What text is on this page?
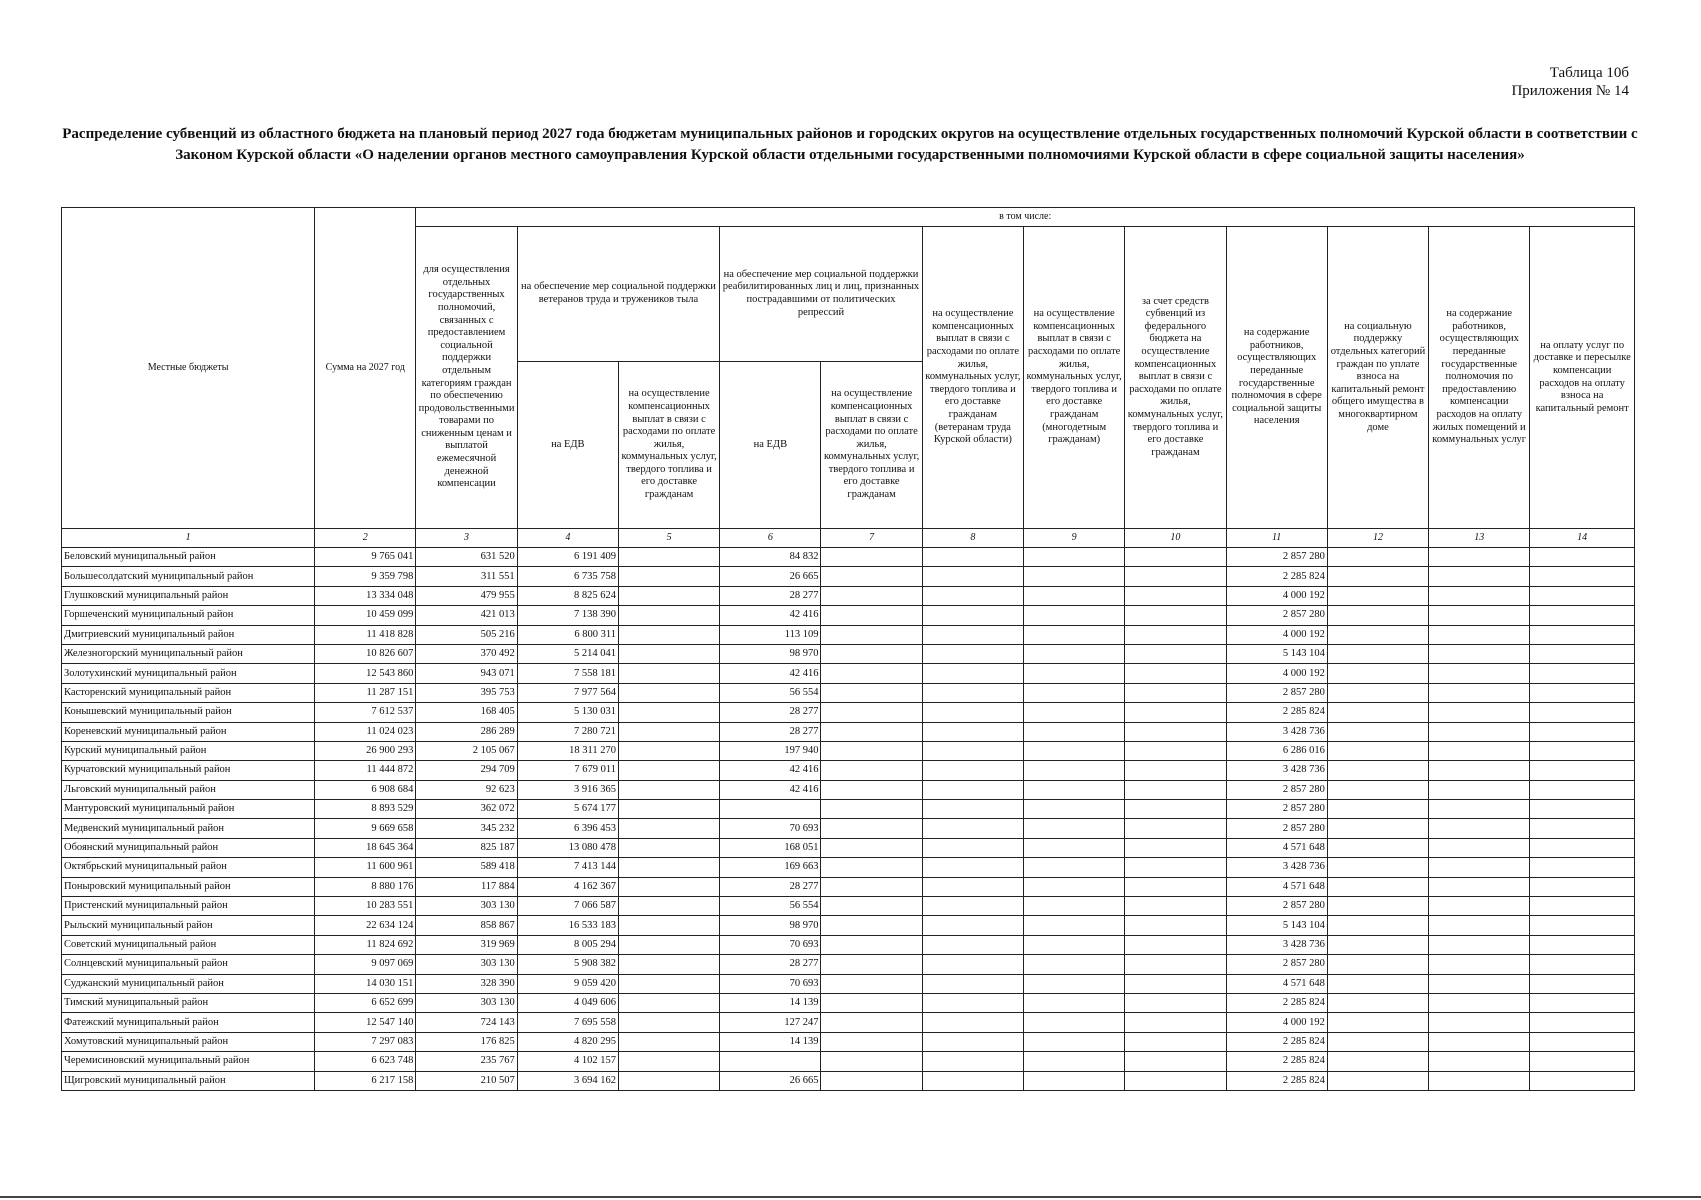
Таблица 10б
Приложения № 14
Распределение субвенций из областного бюджета на плановый период 2027 года бюджетам муниципальных районов и городских округов на осуществление отдельных государственных полномочий Курской области в соответствии с Законом Курской области «О наделении органов местного самоуправления Курской области отдельными государственными полномочиями Курской области в сфере социальной защиты населения»
Местные бюджеты	Сумма на 2027 год	в том числе:											
		для осуществления отдельных государственных полномочий, связанных с предоставлением социальной поддержки отдельным категориям граждан по обеспечению продовольственными товарами по сниженным ценам и выплатой ежемесячной денежной компенсации	на обеспечение мер социальной поддержки ветеранов труда и тружеников тыла		на обеспечение мер социальной поддержки реабилитированных лиц и лиц, признанных пострадавшими от политических репрессий		на осуществление компенсационных выплат в связи с расходами по оплате жилья, коммунальных услуг, твердого топлива и его доставке гражданам (ветеранам труда Курской области)	на осуществление компенсационных выплат в связи с расходами по оплате жилья, коммунальных услуг, твердого топлива и его доставке гражданам (многодетным гражданам)	за счет средств субвенций из федерального бюджета на осуществление компенсационных выплат в связи с расходами по оплате жилья, коммунальных услуг, твердого топлива и его доставке гражданам	на содержание работников, осуществляющих переданные государственные полномочия в сфере социальной защиты населения	на социальную поддержку отдельных категорий граждан по уплате взноса на капитальный ремонт общего имущества в многоквартирном доме	на содержание работников, осуществляющих переданные государственные полномочия по предоставлению компенсации расходов на оплату жилых помещений и коммунальных услуг	на оплату услуг по доставке и пересылке компенсации расходов на оплату взноса на капитальный ремонт
			на ЕДВ	на осуществление компенсационных выплат в связи с расходами по оплате жилья, коммунальных услуг, твердого топлива и его доставке гражданам	на ЕДВ	на осуществление компенсационных выплат в связи с расходами по оплате жилья, коммунальных услуг, твердого топлива и его доставке гражданам							
1	2	3	4	5	6	7	8	9	10	11	12	13	14
Беловский муниципальный район	9 765 041	631 520	6 191 409		84 832					2 857 280			
Большесолдатский муниципальный район	9 359 798	311 551	6 735 758		26 665					2 285 824			
Глушковский муниципальный район	13 334 048	479 955	8 825 624		28 277					4 000 192			
Горшеченский муниципальный район	10 459 099	421 013	7 138 390		42 416					2 857 280			
Дмитриевский муниципальный район	11 418 828	505 216	6 800 311		113 109					4 000 192			
Железногорский муниципальный район	10 826 607	370 492	5 214 041		98 970					5 143 104			
Золотухинский муниципальный район	12 543 860	943 071	7 558 181		42 416					4 000 192			
Касторенский муниципальный район	11 287 151	395 753	7 977 564		56 554					2 857 280			
Конышевский муниципальный район	7 612 537	168 405	5 130 031		28 277					2 285 824			
Кореневский муниципальный район	11 024 023	286 289	7 280 721		28 277					3 428 736			
Курский муниципальный район	26 900 293	2 105 067	18 311 270		197 940					6 286 016			
Курчатовский муниципальный район	11 444 872	294 709	7 679 011		42 416					3 428 736			
Льговский муниципальный район	6 908 684	92 623	3 916 365		42 416					2 857 280			
Мантуровский муниципальный район	8 893 529	362 072	5 674 177							2 857 280			
Медвенский муниципальный район	9 669 658	345 232	6 396 453		70 693					2 857 280			
Обоянский муниципальный район	18 645 364	825 187	13 080 478		168 051					4 571 648			
Октябрьский муниципальный район	11 600 961	589 418	7 413 144		169 663					3 428 736			
Поныровский муниципальный район	8 880 176	117 884	4 162 367		28 277					4 571 648			
Пристенский муниципальный район	10 283 551	303 130	7 066 587		56 554					2 857 280			
Рыльский муниципальный район	22 634 124	858 867	16 533 183		98 970					5 143 104			
Советский муниципальный район	11 824 692	319 969	8 005 294		70 693					3 428 736			
Солнцевский муниципальный район	9 097 069	303 130	5 908 382		28 277					2 857 280			
Суджанский муниципальный район	14 030 151	328 390	9 059 420		70 693					4 571 648			
Тимский муниципальный район	6 652 699	303 130	4 049 606		14 139					2 285 824			
Фатежский муниципальный район	12 547 140	724 143	7 695 558		127 247					4 000 192			
Хомутовский муниципальный район	7 297 083	176 825	4 820 295		14 139					2 285 824			
Черемисиновский муниципальный район	6 623 748	235 767	4 102 157							2 285 824			
Щигровский муниципальный район	6 217 158	210 507	3 694 162		26 665					2 285 824			
